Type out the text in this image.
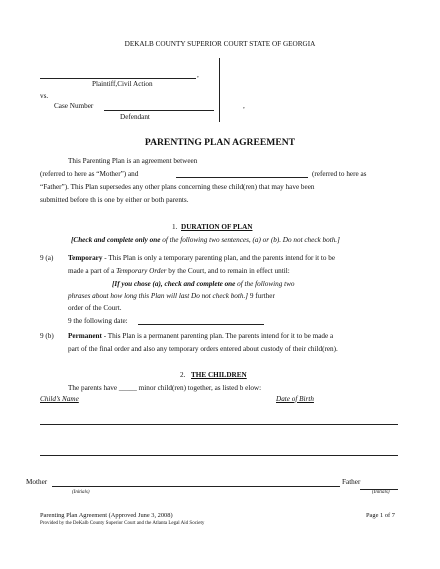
DEKALB COUNTY SUPERIOR COURT STATE OF GEORGIA
,
Plaintiff,Civil Action
vs.
Case Number	,
Defendant
PARENTING PLAN AGREEMENT
This Parenting Plan is an agreement between
(referred to here as “Mother”) and	(referred to here as
“Father”). This Plan supersedes any other plans concerning these child(ren) that may have been
submitted before th is one by either or both parents.
1. DURATION OF PLAN
[Check and complete only one of the following two sentences, (a) or (b). Do not check both.]
9 (a) Temporary - This Plan is only a temporary parenting plan, and the parents intend for it to be
made a part of a Temporary Order by the Court, and to remain in effect until:
[If you chose (a), check and complete one of the following two
phrases about how long this Plan will last Do not check both.] 9 further
order of the Court.
9 the following date:
9 (b) Permanent - This Plan is a permanent parenting plan. The parents intend for it to be made a
part of the final order and also any temporary orders entered about custody of their child(ren).
2. THE CHILDREN
The parents have _____ minor child(ren) together, as listed b elow:
Child’s Name	Date of Birth
Mother	Father
(Initials)	(Initials)
Parenting Plan Agreement (Approved June 3, 2008)	Page 1 of 7
Provided by the DeKalb County Superior Court and the Atlanta Legal Aid Society
